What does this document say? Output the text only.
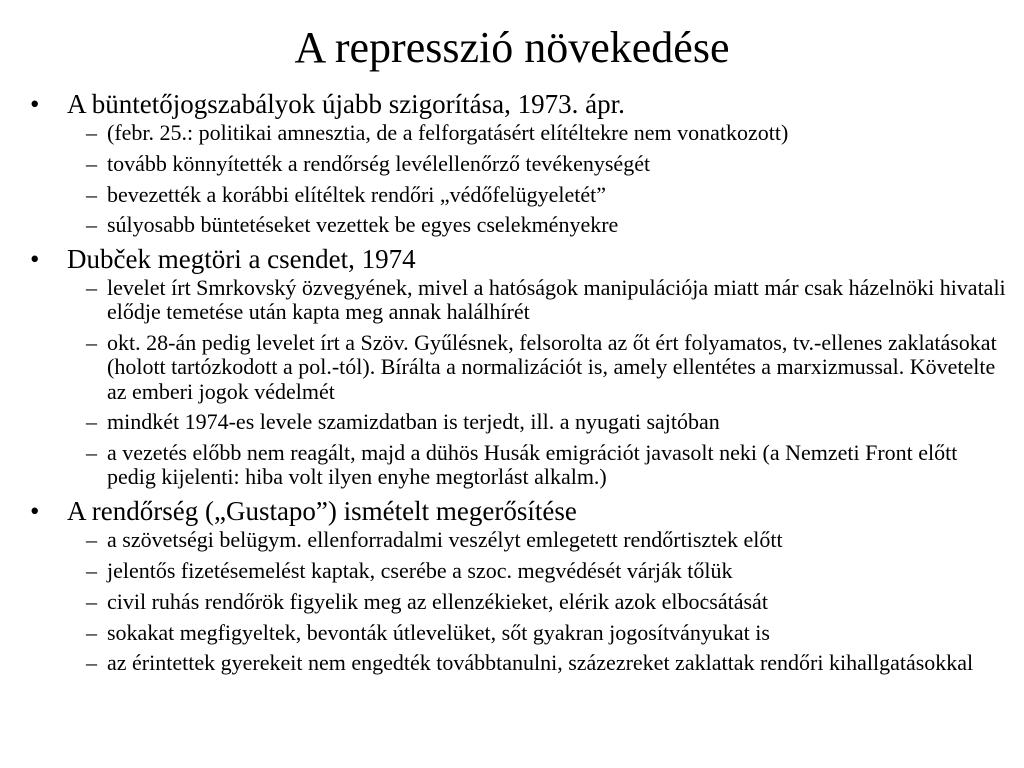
A represszió növekedése
•	A büntetőjogszabályok újabb szigorítása, 1973. ápr.
– (febr. 25.: politikai amnesztia, de a felforgatásért elítéltekre nem vonatkozott)
– tovább könnyítették a rendőrség levélellenőrző tevékenységét
– bevezették a korábbi elítéltek rendőri „védőfelügyeletét”
– súlyosabb büntetéseket vezettek be egyes cselekményekre
•	Dubček megtöri a csendet, 1974
– levelet írt Smrkovský özvegyének, mivel a hatóságok manipulációja miatt már csak házelnöki hivatali elődje temetése után kapta meg annak halálhírét
– okt. 28-án pedig levelet írt a Szöv. Gyűlésnek, felsorolta az őt ért folyamatos, tv.-ellenes zaklatásokat (holott tartózkodott a pol.-tól). Bírálta a normalizációt is, amely ellentétes a marxizmussal. Követelte az emberi jogok védelmét
– mindkét 1974-es levele szamizdatban is terjedt, ill. a nyugati sajtóban
– a vezetés előbb nem reagált, majd a dühös Husák emigrációt javasolt neki (a Nemzeti Front előtt pedig kijelenti: hiba volt ilyen enyhe megtorlást alkalm.)
•	A rendőrség („Gustapo”) ismételt megerősítése
– a szövetségi belügym. ellenforradalmi veszélyt emlegetett rendőrtisztek előtt
– jelentős fizetésemelést kaptak, cserébe a szoc. megvédését várják tőlük
– civil ruhás rendőrök figyelik meg az ellenzékieket, elérik azok elbocsátását
– sokakat megfigyeltek, bevonták útlevelüket, sőt gyakran jogosítványukat is
– az érintettek gyerekeit nem engedték továbbtanulni, százezreket zaklattak rendőri kihallgatásokkal
